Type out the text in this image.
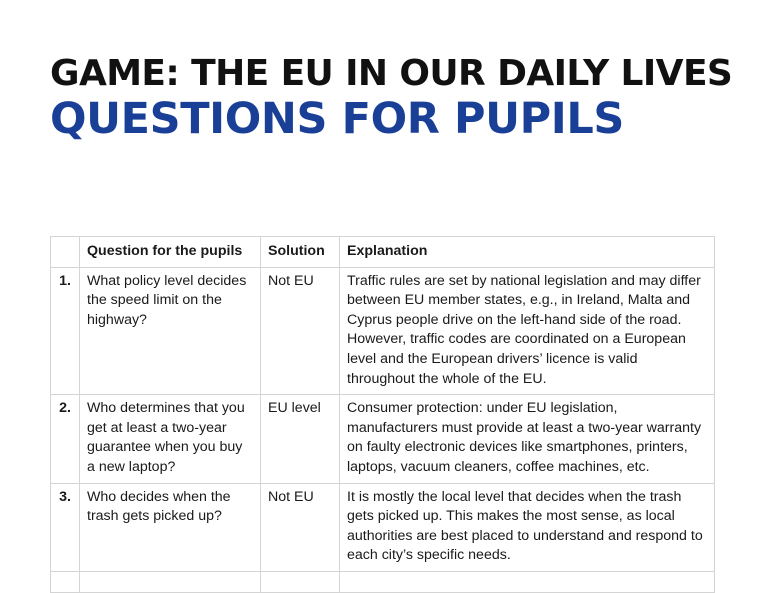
GAME: THE EU IN OUR DAILY LIVES
QUESTIONS FOR PUPILS
	Question for the pupils	Solution	Explanation
1.	What policy level decides the speed limit on the highway?	Not EU	Traffic rules are set by national legislation and may differ between EU member states, e.g., in Ireland, Malta and Cyprus people drive on the left-hand side of the road. However, traffic codes are coordinated on a European level and the European drivers’ licence is valid throughout the whole of the EU.
2.	Who determines that you get at least a two-year guarantee when you buy a new laptop?	EU level	Consumer protection: under EU legislation, manufacturers must provide at least a two-year warranty on faulty electronic devices like smartphones, printers, laptops, vacuum cleaners, coffee machines, etc.
3.	Who decides when the trash gets picked up?	Not EU	It is mostly the local level that decides when the trash gets picked up. This makes the most sense, as local authorities are best placed to understand and respond to each city’s specific needs.
